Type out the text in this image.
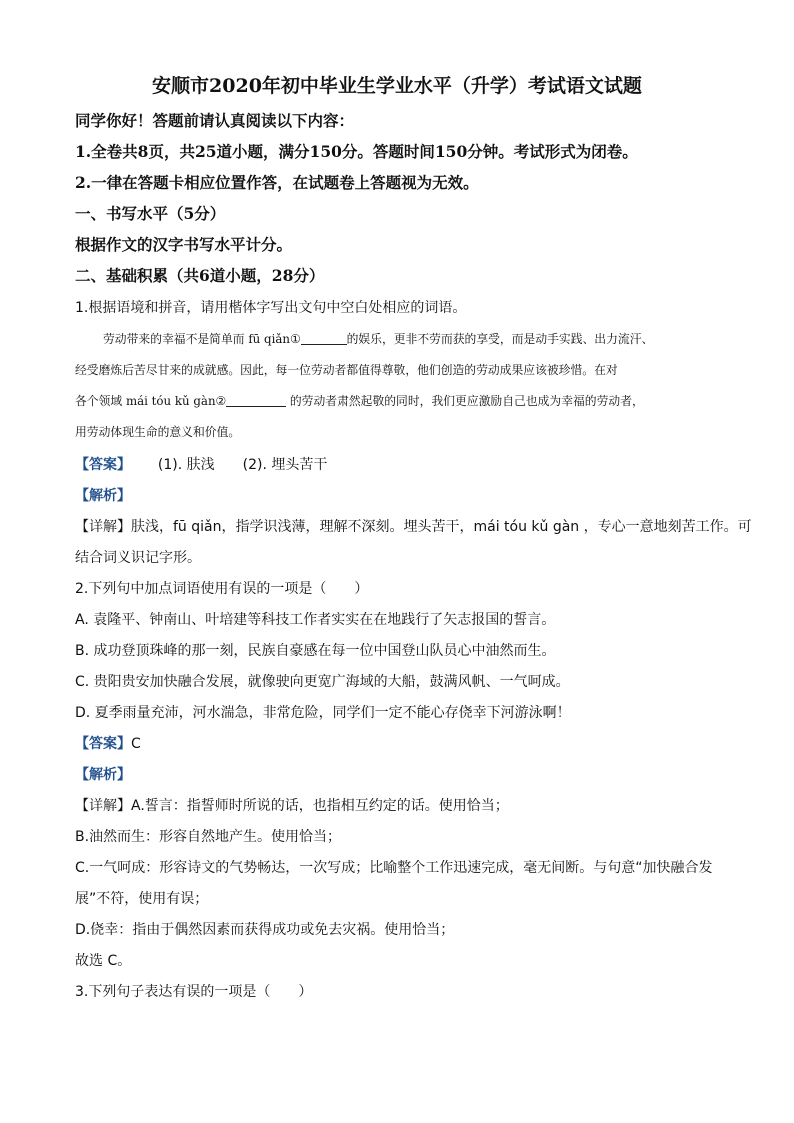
安顺市2020年初中毕业生学业水平（升学）考试语文试题
同学你好！答题前请认真阅读以下内容：
1.全卷共8页，共25道小题，满分150分。答题时间150分钟。考试形式为闭卷。
2.一律在答题卡相应位置作答，在试题卷上答题视为无效。
一、书写水平（5分）
根据作文的汉字书写水平计分。
二、基础积累（共6道小题，28分）
1.根据语境和拼音，请用楷体字写出文句中空白处相应的词语。
劳动带来的幸福不是简单而 fū qiǎn①	的娱乐，更非不劳而获的享受，而是动手实践、出力流汗、
经受磨炼后苦尽甘来的成就感。因此，每一位劳动者都值得尊敬，他们创造的劳动成果应该被珍惜。在对
各个领域 mái tóu kǔ gàn②	的劳动者肃然起敬的同时，我们更应激励自己也成为幸福的劳动者，
用劳动体现生命的意义和价值。
【答案】 (1). 肤浅　　(2). 埋头苦干
【解析】
【详解】肤浅，fū qiǎn，指学识浅薄，理解不深刻。埋头苦干，mái tóu kǔ gàn ，专心一意地刻苦工作。可
结合词义识记字形。
2.下列句中加点词语使用有误的一项是（　　）
A. 袁隆平、钟南山、叶培建等科技工作者实实在在地践行了矢志报国的誓言。
B. 成功登顶珠峰的那一刻，民族自豪感在每一位中国登山队员心中油然而生。
C. 贵阳贵安加快融合发展，就像驶向更宽广海域的大船，鼓满风帆、一气呵成。
D. 夏季雨量充沛，河水湍急，非常危险，同学们一定不能心存侥幸下河游泳啊！
【答案】C
【解析】
【详解】A.誓言：指誓师时所说的话，也指相互约定的话。使用恰当；
B.油然而生：形容自然地产生。使用恰当；
C.一气呵成：形容诗文的气势畅达，一次写成；比喻整个工作迅速完成，毫无间断。与句意“加快融合发
展”不符，使用有误；
D.侥幸：指由于偶然因素而获得成功或免去灾祸。使用恰当；
故选 C。
3.下列句子表达有误的一项是（　　）
